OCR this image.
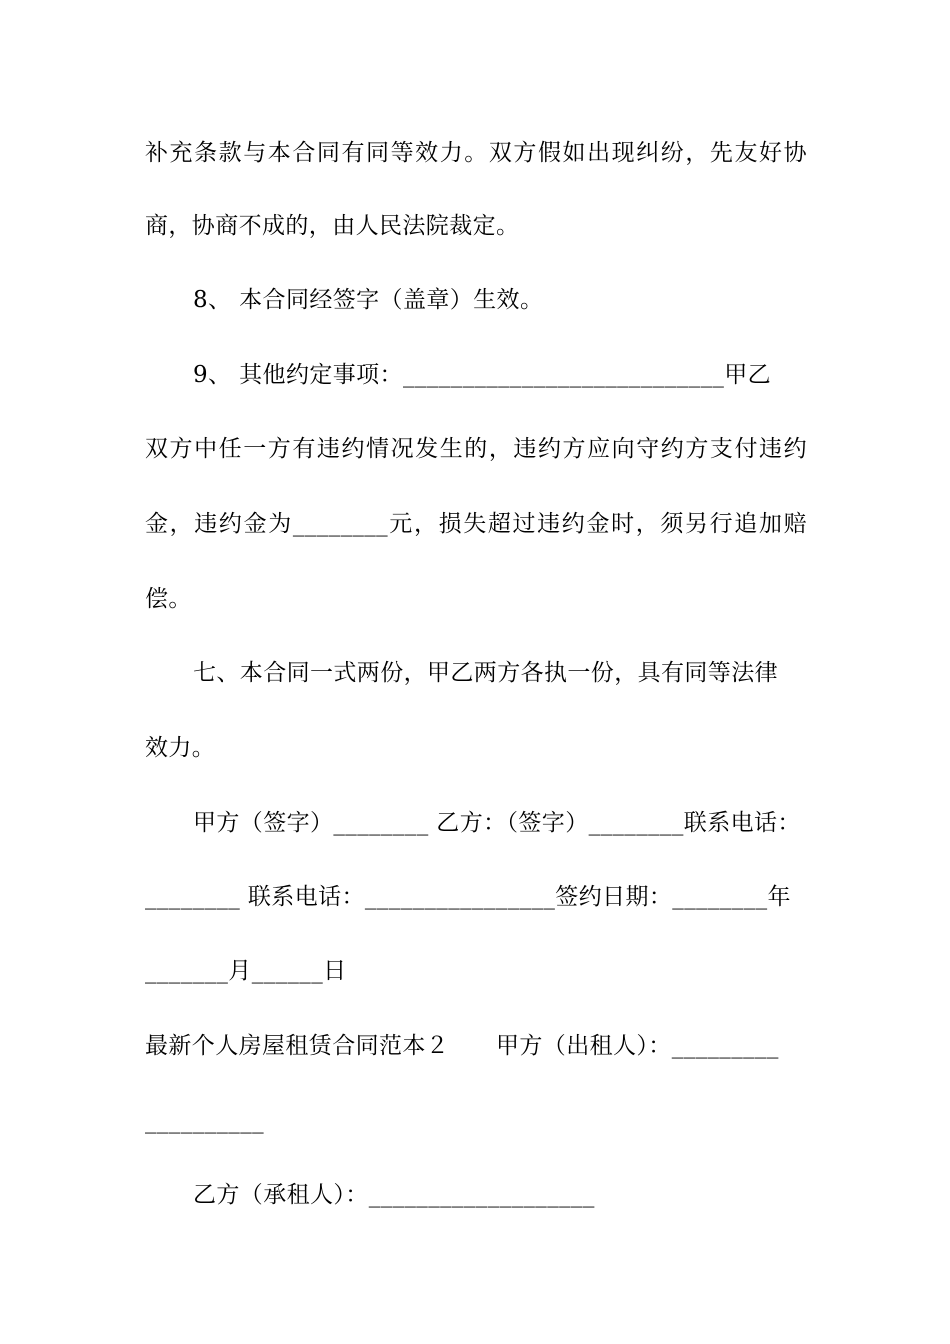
补充条款与本合同有同等效力。双方假如出现纠纷，先友好协
商，协商不成的，由人民法院裁定。
8、 本合同经签字（盖章）生效。
9、 其他约定事项：___________________________甲乙
双方中任一方有违约情况发生的，违约方应向守约方支付违约
金，违约金为________元，损失超过违约金时，须另行追加赔
偿。
七、本合同一式两份，甲乙两方各执一份，具有同等法律
效力。
甲方（签字）________ 乙方：（签字）________联系电话：
________ 联系电话：________________签约日期：________年
_______月______日
最新个人房屋租赁合同范本２　　甲方（出租人）：_________
__________
乙方（承租人）：___________________
